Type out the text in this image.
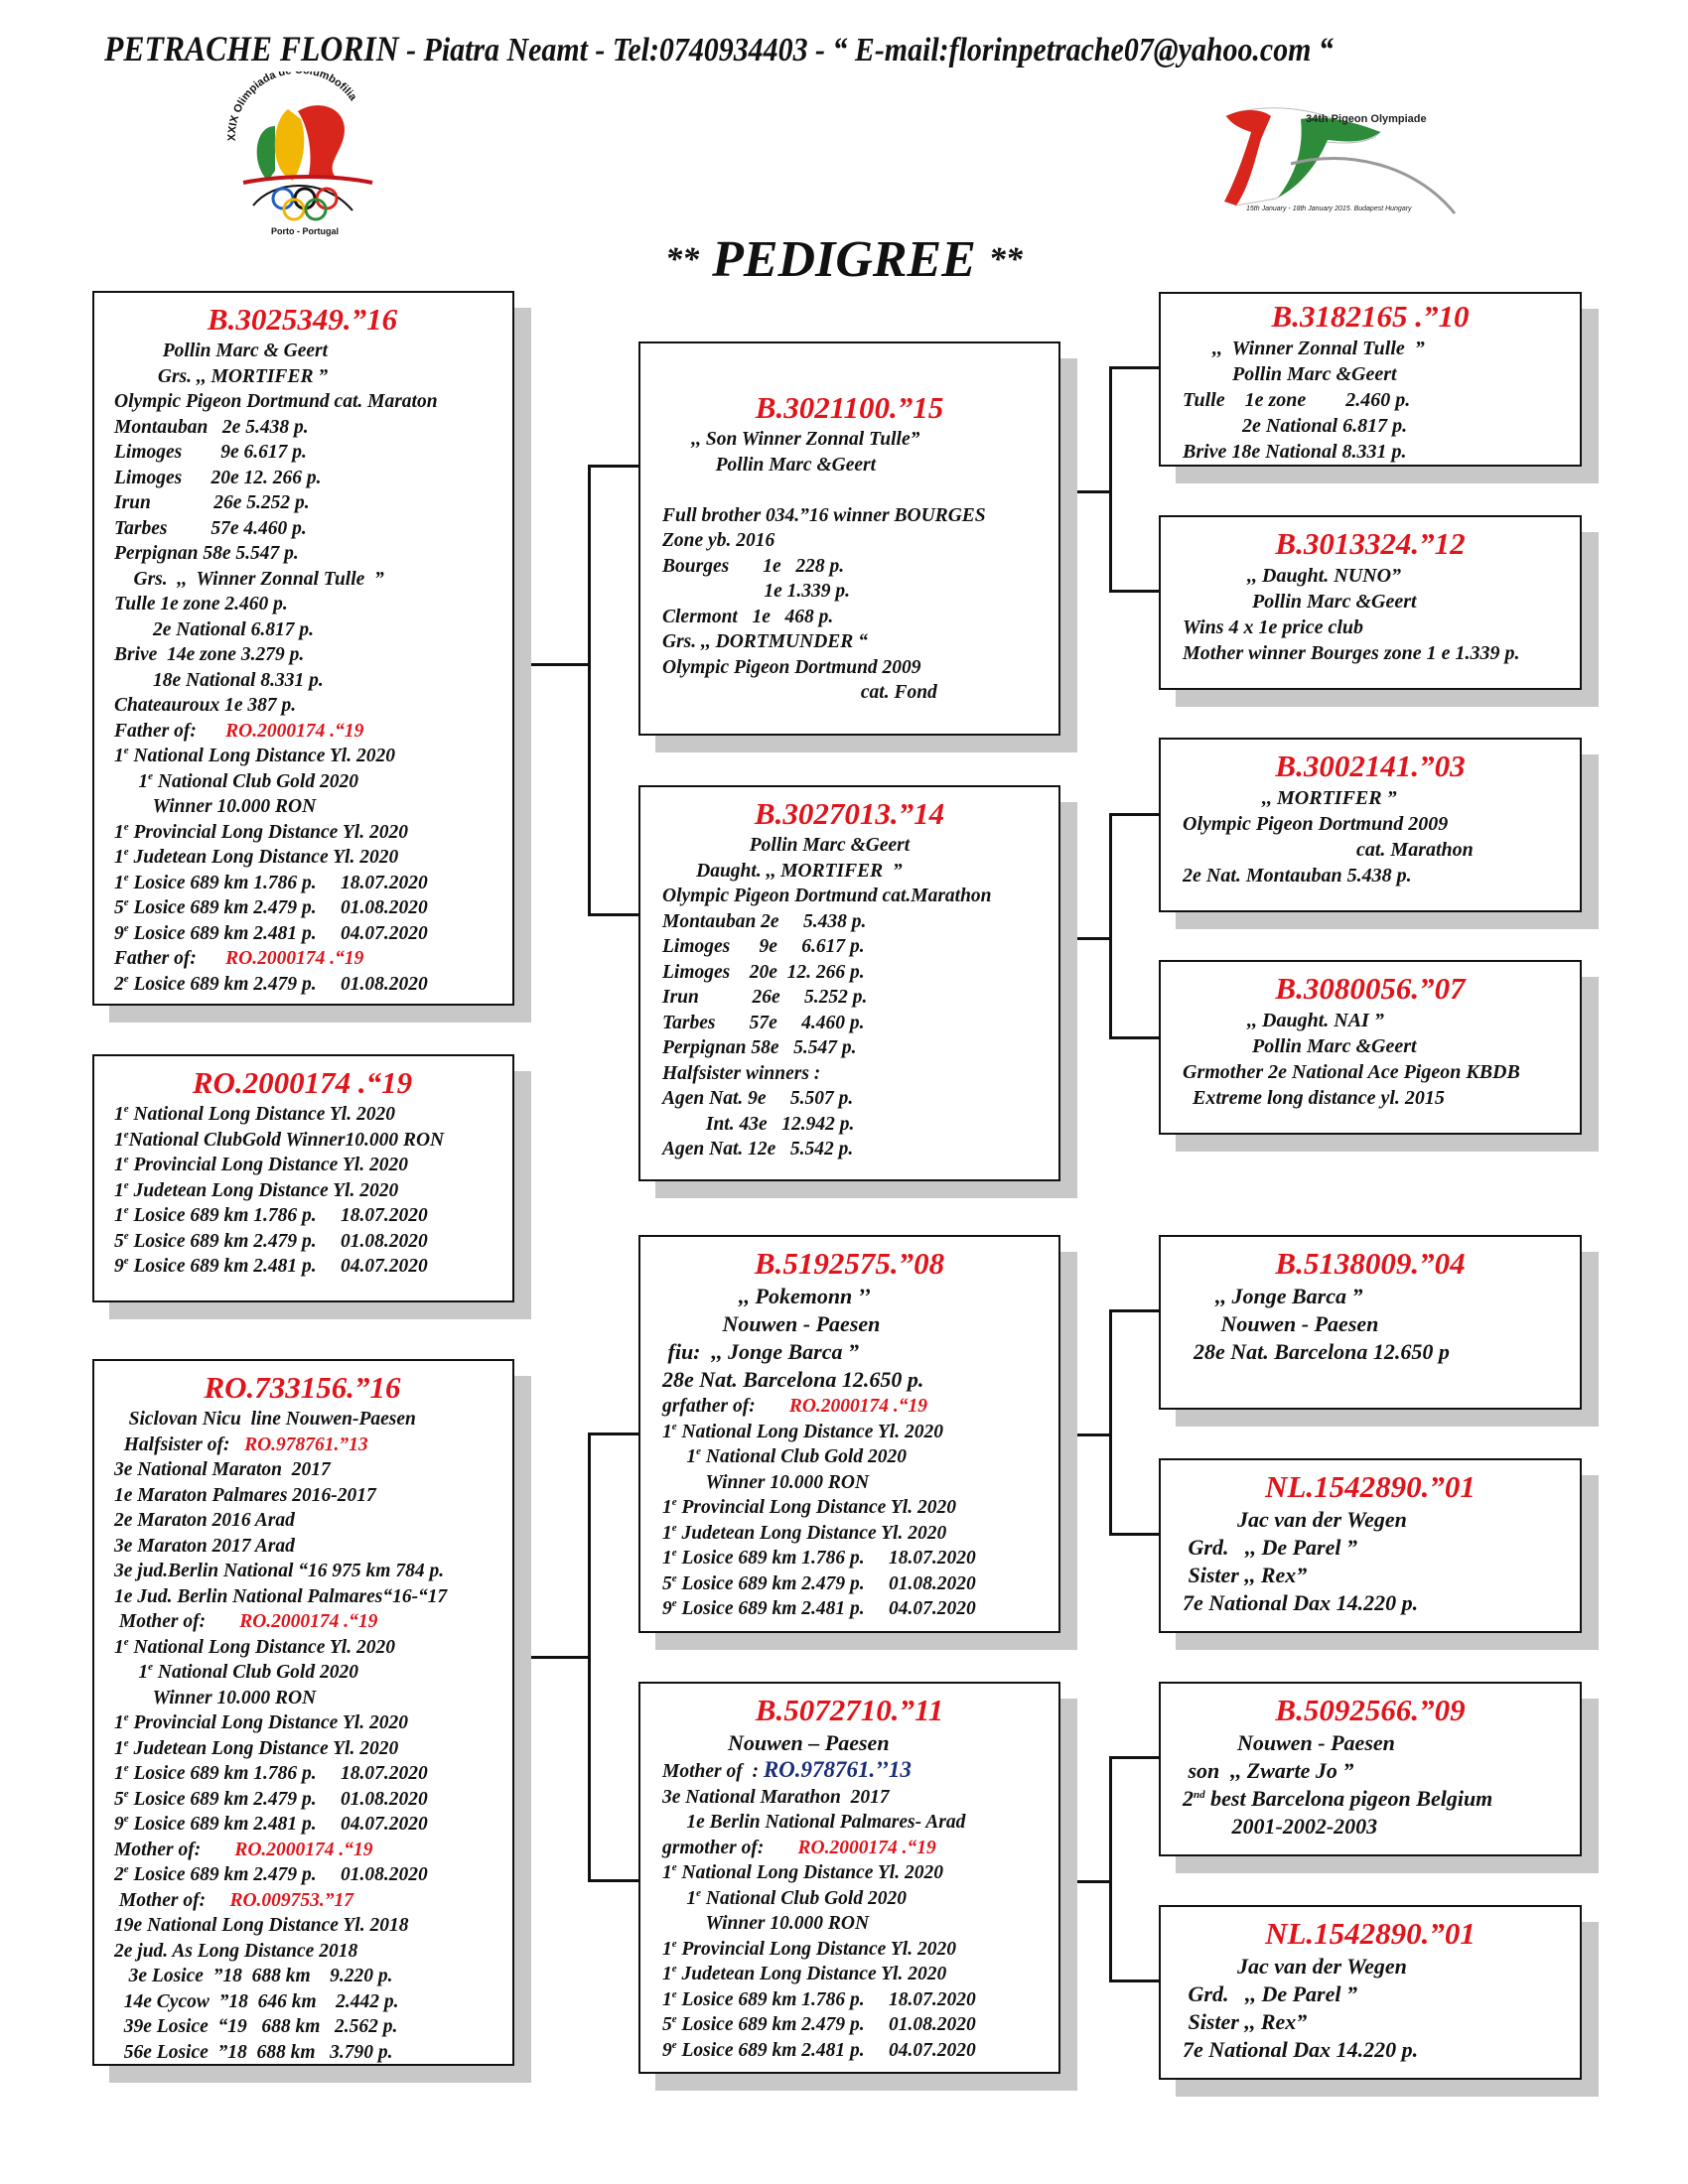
PETRACHE FLORIN - Piatra Neamt - Tel:0740934403 - “ E-mail:florinpetrache07@yahoo.com “
XXIX Olimpiada d lumbofilia
Porto - Portugal
34th Pigeon Olympiade
15th January - 18th January 2015. Budapest Hungary
** PEDIGREE **
B.3025349.”16
Pollin Marc & Geert
Grs. ,, MORTIFER ”
Olympic Pigeon Dortmund cat. Maraton
Montauban   2e 5.438 p.
Limoges        9e 6.617 p.
Limoges      20e 12. 266 p.
Irun             26e 5.252 p.
Tarbes         57e 4.460 p.
Perpignan 58e 5.547 p.
Grs.  ,,  Winner Zonnal Tulle  ”
Tulle 1e zone 2.460 p.
2e National 6.817 p.
Brive  14e zone 3.279 p.
18e National 8.331 p.
Chateauroux 1e 387 p.
Father of:      RO.2000174 .“19
1e National Long Distance Yl. 2020
1e National Club Gold 2020
Winner 10.000 RON
1e Provincial Long Distance Yl. 2020
1e Judetean Long Distance Yl. 2020
1e Losice 689 km 1.786 p.     18.07.2020
5e Losice 689 km 2.479 p.     01.08.2020
9e Losice 689 km 2.481 p.     04.07.2020
Father of:      RO.2000174 .“19
2e Losice 689 km 2.479 p.     01.08.2020
RO.2000174 .“19
1e National Long Distance Yl. 2020
1eNational ClubGold Winner10.000 RON
1e Provincial Long Distance Yl. 2020
1e Judetean Long Distance Yl. 2020
1e Losice 689 km 1.786 p.     18.07.2020
5e Losice 689 km 2.479 p.     01.08.2020
9e Losice 689 km 2.481 p.     04.07.2020
RO.733156.”16
Siclovan Nicu  line Nouwen-Paesen
Halfsister of:   RO.978761.”13
3e National Maraton  2017
1e Maraton Palmares 2016-2017
2e Maraton 2016 Arad
3e Maraton 2017 Arad
3e jud.Berlin National “16 975 km 784 p.
1e Jud. Berlin National Palmares“16-“17
Mother of:       RO.2000174 .“19
1e National Long Distance Yl. 2020
1e National Club Gold 2020
Winner 10.000 RON
1e Provincial Long Distance Yl. 2020
1e Judetean Long Distance Yl. 2020
1e Losice 689 km 1.786 p.     18.07.2020
5e Losice 689 km 2.479 p.     01.08.2020
9e Losice 689 km 2.481 p.     04.07.2020
Mother of:       RO.2000174 .“19
2e Losice 689 km 2.479 p.     01.08.2020
Mother of:     RO.009753.”17
19e National Long Distance Yl. 2018
2e jud. As Long Distance 2018
3e Losice  ”18  688 km    9.220 p.
14e Cycow  ”18  646 km    2.442 p.
39e Losice  “19   688 km   2.562 p.
56e Losice  ”18  688 km   3.790 p.
B.3021100.”15
,, Son Winner Zonnal Tulle”
Pollin Marc &Geert

Full brother 034.”16 winner BOURGES
Zone yb. 2016
Bourges       1e   228 p.
1e 1.339 p.
Clermont   1e   468 p.
Grs. ,, DORTMUNDER “
Olympic Pigeon Dortmund 2009
cat. Fond
B.3027013.”14
Pollin Marc &Geert
Daught. ,, MORTIFER  ”
Olympic Pigeon Dortmund cat.Marathon
Montauban 2e     5.438 p.
Limoges      9e     6.617 p.
Limoges    20e  12. 266 p.
Irun           26e     5.252 p.
Tarbes       57e     4.460 p.
Perpignan 58e   5.547 p.
Halfsister winners :
Agen Nat. 9e     5.507 p.
Int. 43e   12.942 p.
Agen Nat. 12e   5.542 p.
B.5192575.”08
,, Pokemonn ’’
Nouwen - Paesen
fiu:  ,, Jonge Barca ”
28e Nat. Barcelona 12.650 p.
grfather of:       RO.2000174 .“19
1e National Long Distance Yl. 2020
1e National Club Gold 2020
Winner 10.000 RON
1e Provincial Long Distance Yl. 2020
1e Judetean Long Distance Yl. 2020
1e Losice 689 km 1.786 p.     18.07.2020
5e Losice 689 km 2.479 p.     01.08.2020
9e Losice 689 km 2.481 p.     04.07.2020
B.5072710.”11
Nouwen – Paesen
Mother of  : RO.978761.’’13
3e National Marathon  2017
1e Berlin National Palmares- Arad
grmother of:       RO.2000174 .“19
1e National Long Distance Yl. 2020
1e National Club Gold 2020
Winner 10.000 RON
1e Provincial Long Distance Yl. 2020
1e Judetean Long Distance Yl. 2020
1e Losice 689 km 1.786 p.     18.07.2020
5e Losice 689 km 2.479 p.     01.08.2020
9e Losice 689 km 2.481 p.     04.07.2020
B.3182165 .”10
,,  Winner Zonnal Tulle  ”
Pollin Marc &Geert
Tulle    1e zone        2.460 p.
2e National 6.817 p.
Brive 18e National 8.331 p.
B.3013324.”12
,, Daught. NUNO”
Pollin Marc &Geert
Wins 4 x 1e price club
Mother winner Bourges zone 1 e 1.339 p.
B.3002141.”03
,, MORTIFER ”
Olympic Pigeon Dortmund 2009
cat. Marathon
2e Nat. Montauban 5.438 p.
B.3080056.”07
,, Daught. NAI ”
Pollin Marc &Geert
Grmother 2e National Ace Pigeon KBDB
Extreme long distance yl. 2015
B.5138009.”04
,, Jonge Barca ”
Nouwen - Paesen
28e Nat. Barcelona 12.650 p
NL.1542890.”01
Jac van der Wegen
Grd.   ,, De Parel ”
Sister ,, Rex”
7e National Dax 14.220 p.
B.5092566.”09
Nouwen - Paesen
son  ,, Zwarte Jo ”
2nd best Barcelona pigeon Belgium
2001-2002-2003
NL.1542890.”01
Jac van der Wegen
Grd.   ,, De Parel ”
Sister ,, Rex”
7e National Dax 14.220 p.
